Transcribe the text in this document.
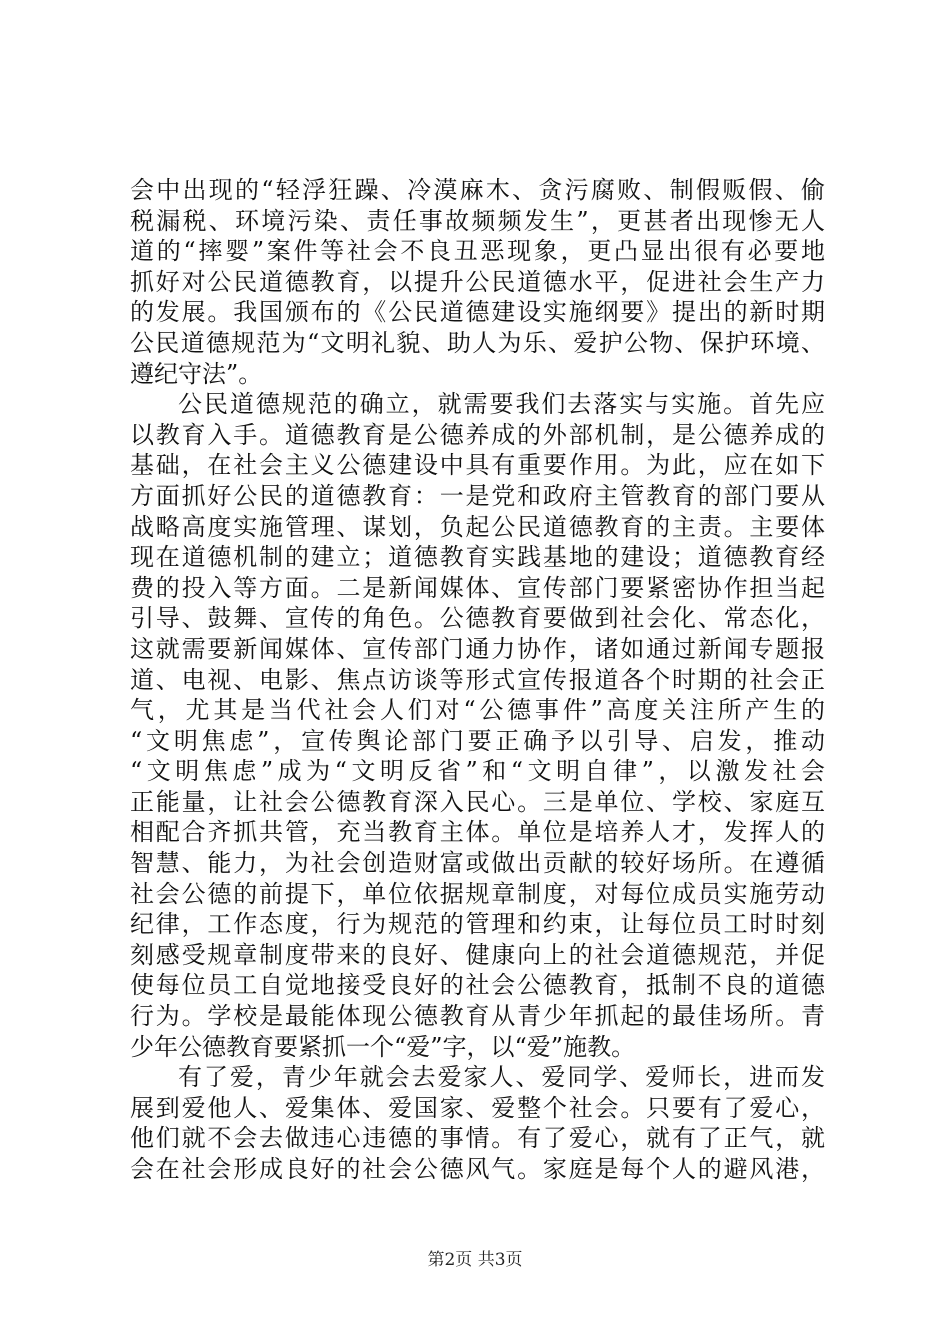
会中出现的“轻浮狂躁、冷漠麻木、贪污腐败、制假贩假、偷
税漏税、环境污染、责任事故频频发生”，更甚者出现惨无人
道的“摔婴”案件等社会不良丑恶现象，更凸显出很有必要地
抓好对公民道德教育，以提升公民道德水平，促进社会生产力
的发展。我国颁布的《公民道德建设实施纲要》提出的新时期
公民道德规范为“文明礼貌、助人为乐、爱护公物、保护环境、
遵纪守法”。
公民道德规范的确立，就需要我们去落实与实施。首先应
以教育入手。道德教育是公德养成的外部机制，是公德养成的
基础，在社会主义公德建设中具有重要作用。为此，应在如下
方面抓好公民的道德教育：一是党和政府主管教育的部门要从
战略高度实施管理、谋划，负起公民道德教育的主责。主要体
现在道德机制的建立；道德教育实践基地的建设；道德教育经
费的投入等方面。二是新闻媒体、宣传部门要紧密协作担当起
引导、鼓舞、宣传的角色。公德教育要做到社会化、常态化，
这就需要新闻媒体、宣传部门通力协作，诸如通过新闻专题报
道、电视、电影、焦点访谈等形式宣传报道各个时期的社会正
气，尤其是当代社会人们对“公德事件”高度关注所产生的
“文明焦虑”，宣传舆论部门要正确予以引导、启发，推动
“文明焦虑”成为“文明反省”和“文明自律”，以激发社会
正能量，让社会公德教育深入民心。三是单位、学校、家庭互
相配合齐抓共管，充当教育主体。单位是培养人才，发挥人的
智慧、能力，为社会创造财富或做出贡献的较好场所。在遵循
社会公德的前提下，单位依据规章制度，对每位成员实施劳动
纪律，工作态度，行为规范的管理和约束，让每位员工时时刻
刻感受规章制度带来的良好、健康向上的社会道德规范，并促
使每位员工自觉地接受良好的社会公德教育，抵制不良的道德
行为。学校是最能体现公德教育从青少年抓起的最佳场所。青
少年公德教育要紧抓一个“爱”字，以“爱”施教。
有了爱，青少年就会去爱家人、爱同学、爱师长，进而发
展到爱他人、爱集体、爱国家、爱整个社会。只要有了爱心，
他们就不会去做违心违德的事情。有了爱心，就有了正气，就
会在社会形成良好的社会公德风气。家庭是每个人的避风港，
第2页 共3页
